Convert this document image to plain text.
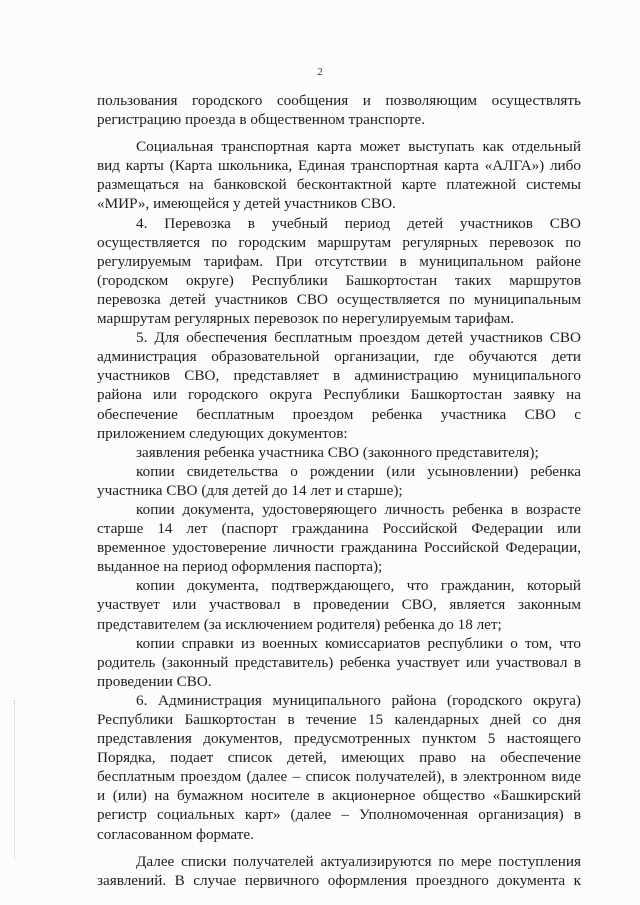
2
пользования городского сообщения и позволяющим осуществлять
регистрацию проезда в общественном транспорте.
Социальная транспортная карта может выступать как отдельный
вид карты (Карта школьника, Единая транспортная карта «АЛГА») либо
размещаться на банковской бесконтактной карте платежной системы
«МИР», имеющейся у детей участников СВО.
4. Перевозка в учебный период детей участников СВО
осуществляется по городским маршрутам регулярных перевозок по
регулируемым тарифам. При отсутствии в муниципальном районе
(городском округе) Республики Башкортостан таких маршрутов
перевозка детей участников СВО осуществляется по муниципальным
маршрутам регулярных перевозок по нерегулируемым тарифам.
5. Для обеспечения бесплатным проездом детей участников СВО
администрация образовательной организации, где обучаются дети
участников СВО, представляет в администрацию муниципального
района или городского округа Республики Башкортостан заявку на
обеспечение бесплатным проездом ребенка участника СВО с
приложением следующих документов:
заявления ребенка участника СВО (законного представителя);
копии свидетельства о рождении (или усыновлении) ребенка
участника СВО (для детей до 14 лет и старше);
копии документа, удостоверяющего личность ребенка в возрасте
старше 14 лет (паспорт гражданина Российской Федерации или
временное удостоверение личности гражданина Российской Федерации,
выданное на период оформления паспорта);
копии документа, подтверждающего, что гражданин, который
участвует или участвовал в проведении СВО, является законным
представителем (за исключением родителя) ребенка до 18 лет;
копии справки из военных комиссариатов республики о том, что
родитель (законный представитель) ребенка участвует или участвовал в
проведении СВО.
6. Администрация муниципального района (городского округа)
Республики Башкортостан в течение 15 календарных дней со дня
представления документов, предусмотренных пунктом 5 настоящего
Порядка, подает список детей, имеющих право на обеспечение
бесплатным проездом (далее – список получателей), в электронном виде
и (или) на бумажном носителе в акционерное общество «Башкирский
регистр социальных карт» (далее – Уполномоченная организация) в
согласованном формате.
Далее списки получателей актуализируются по мере поступления
заявлений. В случае первичного оформления проездного документа к
